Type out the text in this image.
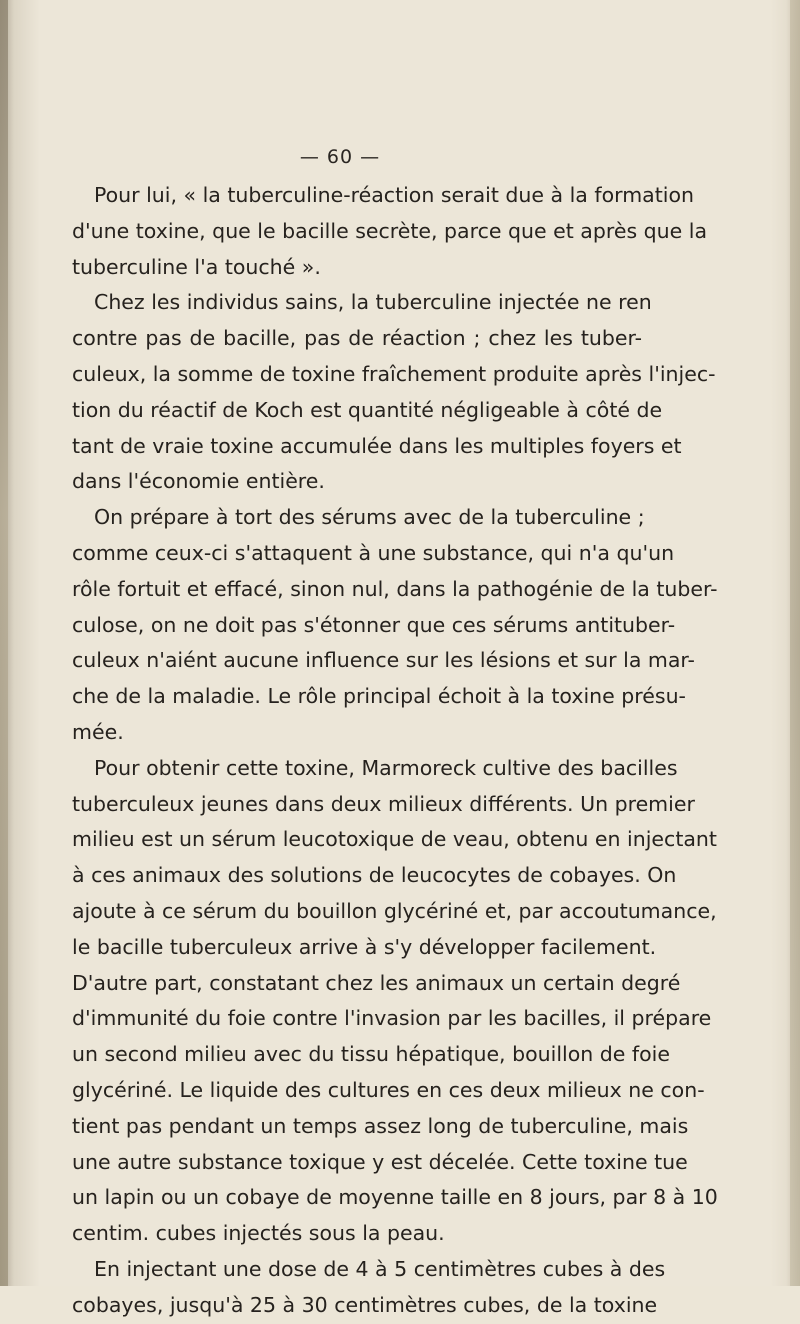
— 60 —
Pour lui, « la tuberculine-réaction serait due à la formation
d'une toxine, que le bacille secrète, parce que et après que la
tuberculine l'a touché ».
Chez les individus sains, la tuberculine injectée ne ren
contre pas de bacille, pas de réaction ; chez les tuber-
culeux, la somme de toxine fraîchement produite après l'injec-
tion du réactif de Koch est quantité négligeable à côté de
tant de vraie toxine accumulée dans les multiples foyers et
dans l'économie entière.
On prépare à tort des sérums avec de la tuberculine ;
comme ceux-ci s'attaquent à une substance, qui n'a qu'un
rôle fortuit et effacé, sinon nul, dans la pathogénie de la tuber-
culose, on ne doit pas s'étonner que ces sérums antituber-
culeux n'aiént aucune influence sur les lésions et sur la mar-
che de la maladie. Le rôle principal échoit à la toxine présu-
mée.
Pour obtenir cette toxine, Marmoreck cultive des bacilles
tuberculeux jeunes dans deux milieux différents. Un premier
milieu est un sérum leucotoxique de veau, obtenu en injectant
à ces animaux des solutions de leucocytes de cobayes. On
ajoute à ce sérum du bouillon glycériné et, par accoutumance,
le bacille tuberculeux arrive à s'y développer facilement.
D'autre part, constatant chez les animaux un certain degré
d'immunité du foie contre l'invasion par les bacilles, il prépare
un second milieu avec du tissu hépatique, bouillon de foie
glycériné. Le liquide des cultures en ces deux milieux ne con-
tient pas pendant un temps assez long de tuberculine, mais
une autre substance toxique y est décelée. Cette toxine tue
un lapin ou un cobaye de moyenne taille en 8 jours, par 8 à 10
centim. cubes injectés sous la peau.
En injectant une dose de 4 à 5 centimètres cubes à des
cobayes, jusqu'à 25 à 30 centimètres cubes, de la toxine
